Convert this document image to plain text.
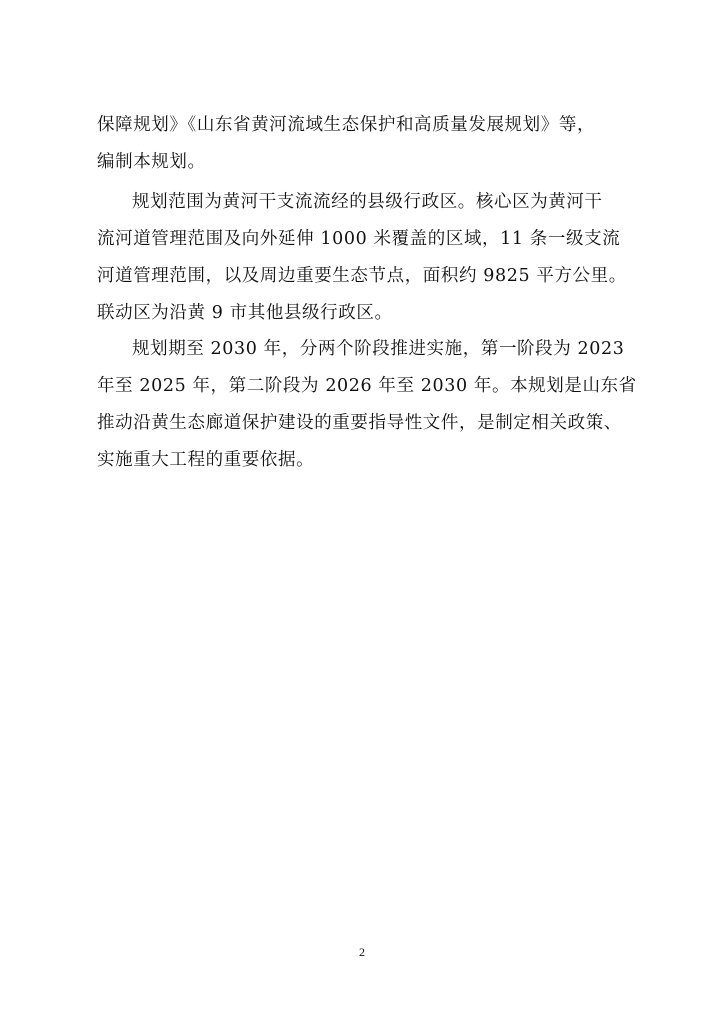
保障规划》《山东省黄河流域生态保护和高质量发展规划》等，
编制本规划。
规划范围为黄河干支流流经的县级行政区。核心区为黄河干
流河道管理范围及向外延伸 1000 米覆盖的区域，11 条一级支流
河道管理范围，以及周边重要生态节点，面积约 9825 平方公里。
联动区为沿黄 9 市其他县级行政区。
规划期至 2030 年，分两个阶段推进实施，第一阶段为 2023
年至 2025 年，第二阶段为 2026 年至 2030 年。本规划是山东省
推动沿黄生态廊道保护建设的重要指导性文件，是制定相关政策、
实施重大工程的重要依据。
2
